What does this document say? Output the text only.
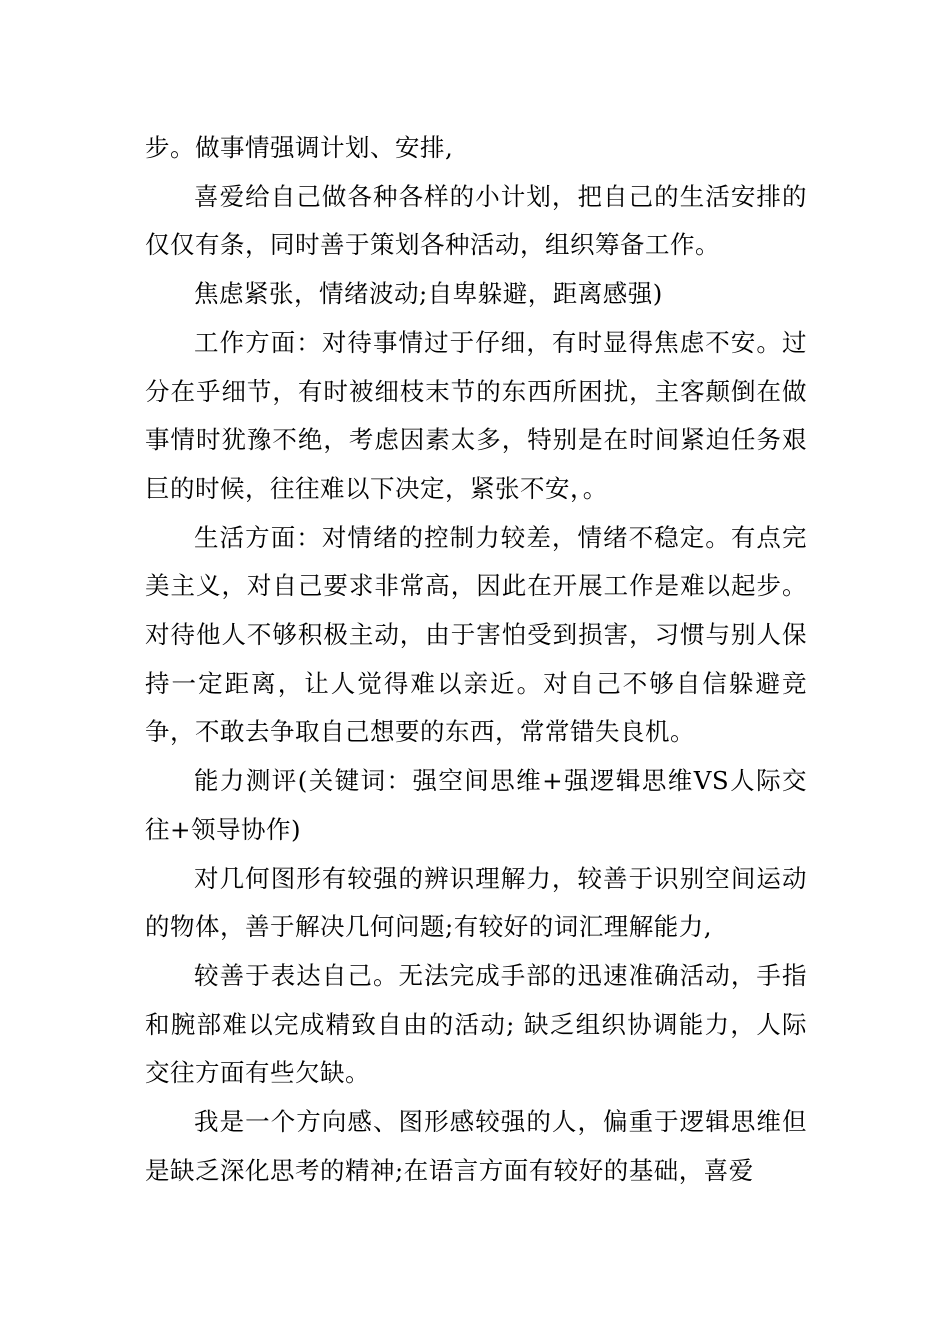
步。做事情强调计划、安排,

喜爱给自己做各种各样的小计划，把自己的生活安排的仅仅有条，同时善于策划各种活动，组织筹备工作。

焦虑紧张，情绪波动;自卑躲避，距离感强)

工作方面：对待事情过于仔细，有时显得焦虑不安。过分在乎细节，有时被细枝末节的东西所困扰，主客颠倒在做事情时犹豫不绝，考虑因素太多，特别是在时间紧迫任务艰巨的时候，往往难以下决定，紧张不安，。

生活方面：对情绪的控制力较差，情绪不稳定。有点完美主义，对自己要求非常高，因此在开展工作是难以起步。对待他人不够积极主动，由于害怕受到损害，习惯与别人保持一定距离，让人觉得难以亲近。对自己不够自信躲避竞争，不敢去争取自己想要的东西，常常错失良机。

能力测评(关键词：强空间思维+强逻辑思维VS人际交往+领导协作)

对几何图形有较强的辨识理解力，较善于识别空间运动的物体，善于解决几何问题;有较好的词汇理解能力,

较善于表达自己。无法完成手部的迅速准确活动，手指和腕部难以完成精致自由的活动; 缺乏组织协调能力，人际交往方面有些欠缺。

我是一个方向感、图形感较强的人，偏重于逻辑思维但是缺乏深化思考的精神;在语言方面有较好的基础，喜爱
